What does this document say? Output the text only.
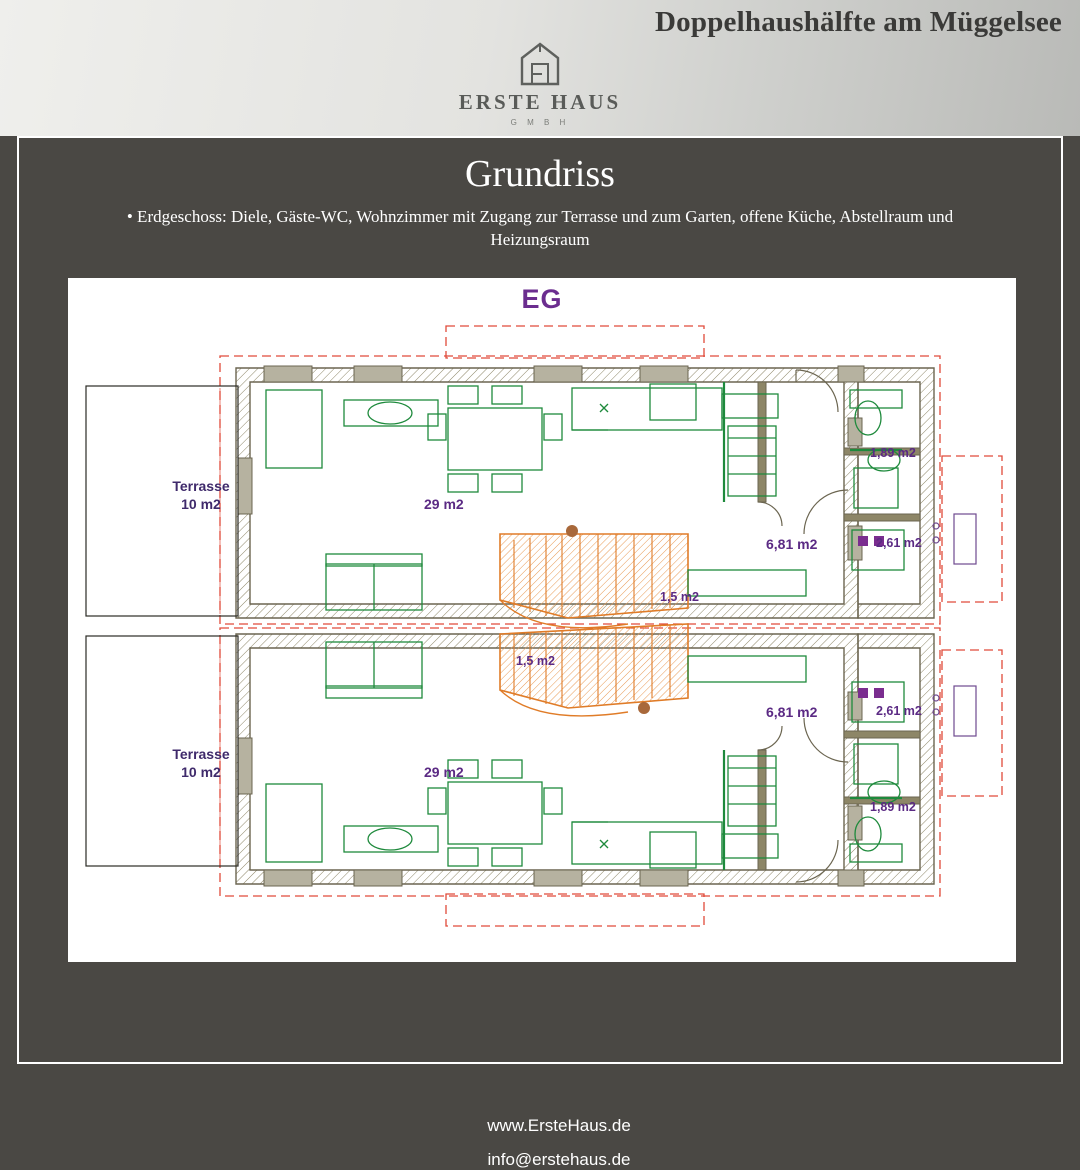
Doppelhaushälfte am Müggelsee
ERSTE HAUS
G M B H
Grundriss
• Erdgeschoss: Diele, Gäste-WC, Wohnzimmer mit Zugang zur Terrasse und zum Garten, offene Küche, Abstellraum und Heizungsraum
EG
Terrasse
10 m2	29 m2
1,5 m2
6,81 m2
1,89 m2
2,61 m2
1,5 m2
6,81 m2	2,61 m2
1,89 m2
29 m2
Terrasse
10 m2
www.ErsteHaus.de
info@erstehaus.de
